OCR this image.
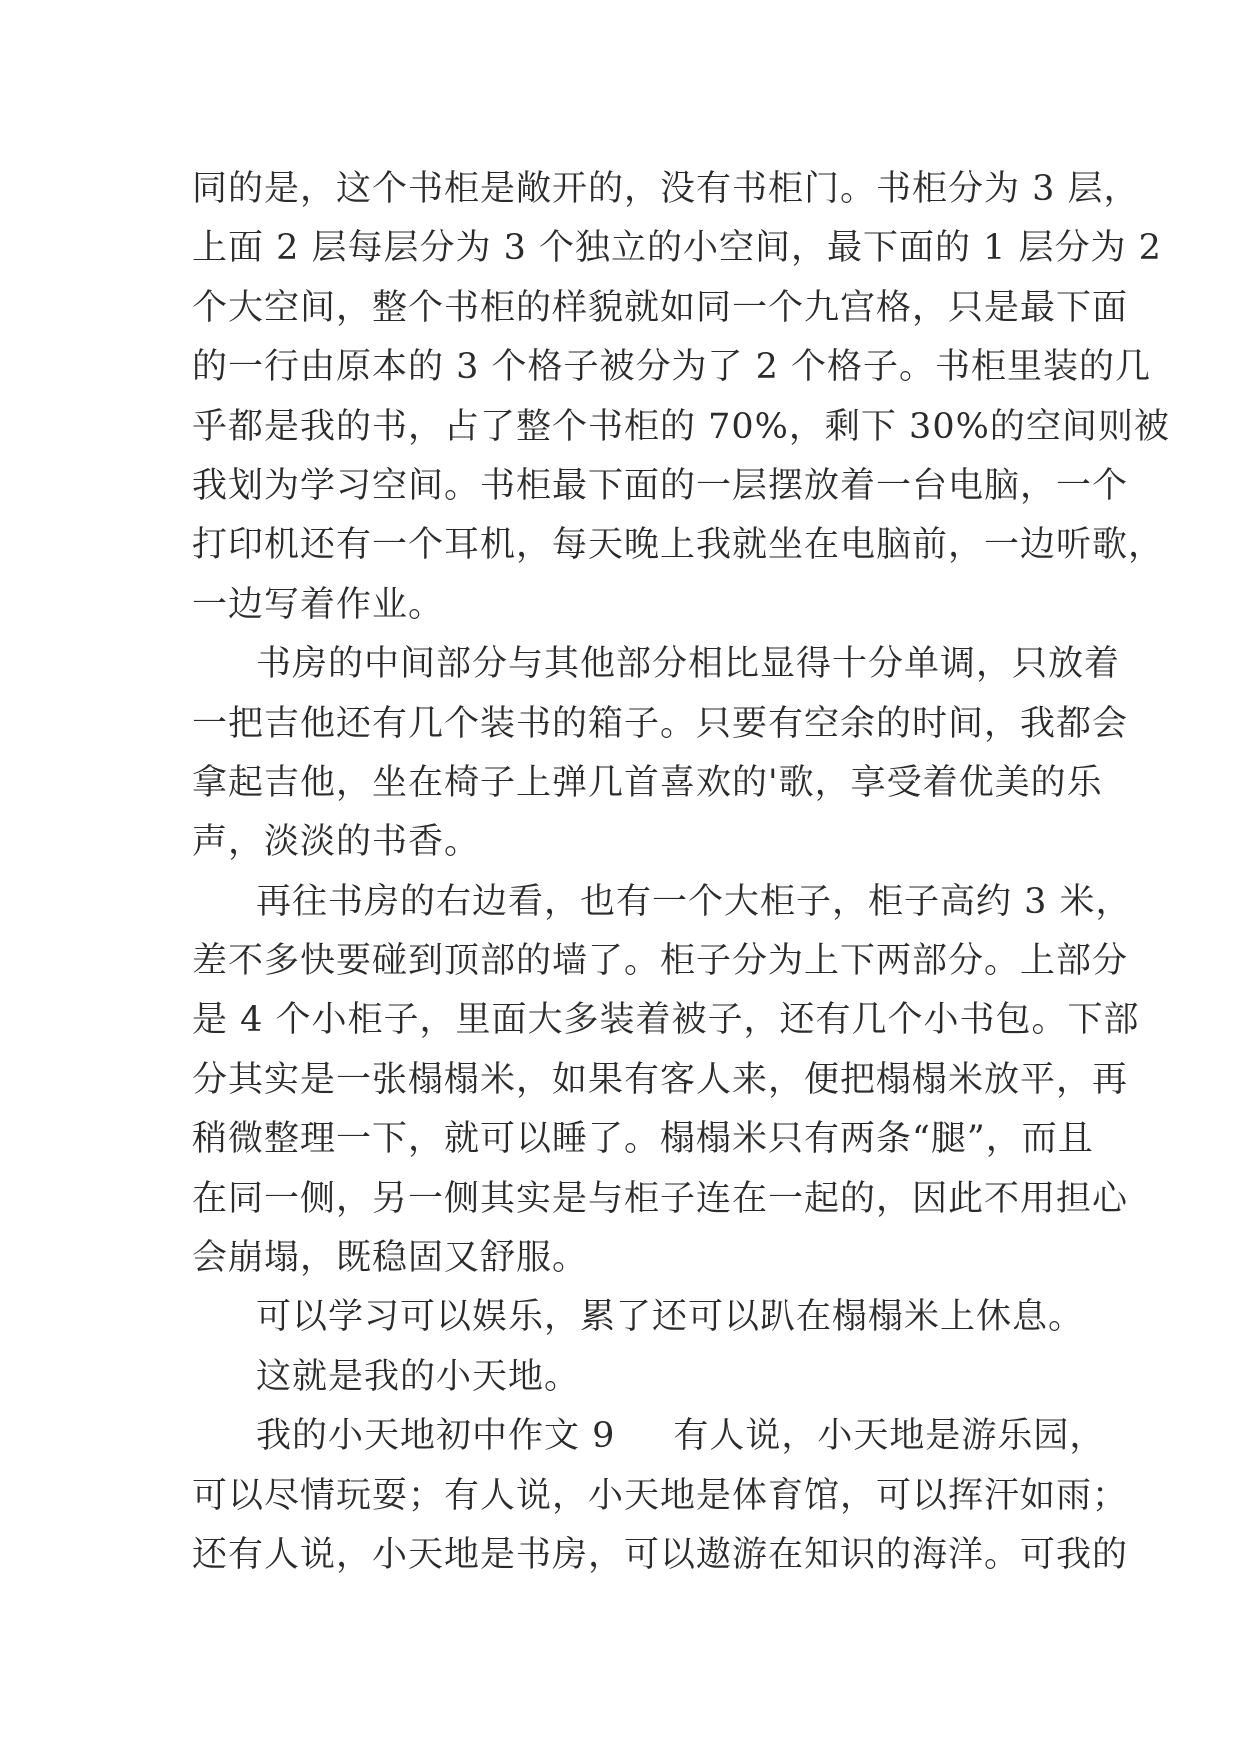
同的是，这个书柜是敞开的，没有书柜门。书柜分为 3 层，
上面 2 层每层分为 3 个独立的小空间，最下面的 1 层分为 2
个大空间，整个书柜的样貌就如同一个九宫格，只是最下面
的一行由原本的 3 个格子被分为了 2 个格子。书柜里装的几
乎都是我的书，占了整个书柜的 70%，剩下 30%的空间则被
我划为学习空间。书柜最下面的一层摆放着一台电脑，一个
打印机还有一个耳机，每天晚上我就坐在电脑前，一边听歌，
一边写着作业。
书房的中间部分与其他部分相比显得十分单调，只放着
一把吉他还有几个装书的箱子。只要有空余的时间，我都会
拿起吉他，坐在椅子上弹几首喜欢的'歌，享受着优美的乐
声，淡淡的书香。
再往书房的右边看，也有一个大柜子，柜子高约 3 米，
差不多快要碰到顶部的墙了。柜子分为上下两部分。上部分
是 4 个小柜子，里面大多装着被子，还有几个小书包。下部
分其实是一张榻榻米，如果有客人来，便把榻榻米放平，再
稍微整理一下，就可以睡了。榻榻米只有两条“腿”，而且
在同一侧，另一侧其实是与柜子连在一起的，因此不用担心
会崩塌，既稳固又舒服。
可以学习可以娱乐，累了还可以趴在榻榻米上休息。
这就是我的小天地。
我的小天地初中作文 9 有人说，小天地是游乐园，
可以尽情玩耍；有人说，小天地是体育馆，可以挥汗如雨；
还有人说，小天地是书房，可以遨游在知识的海洋。可我的
